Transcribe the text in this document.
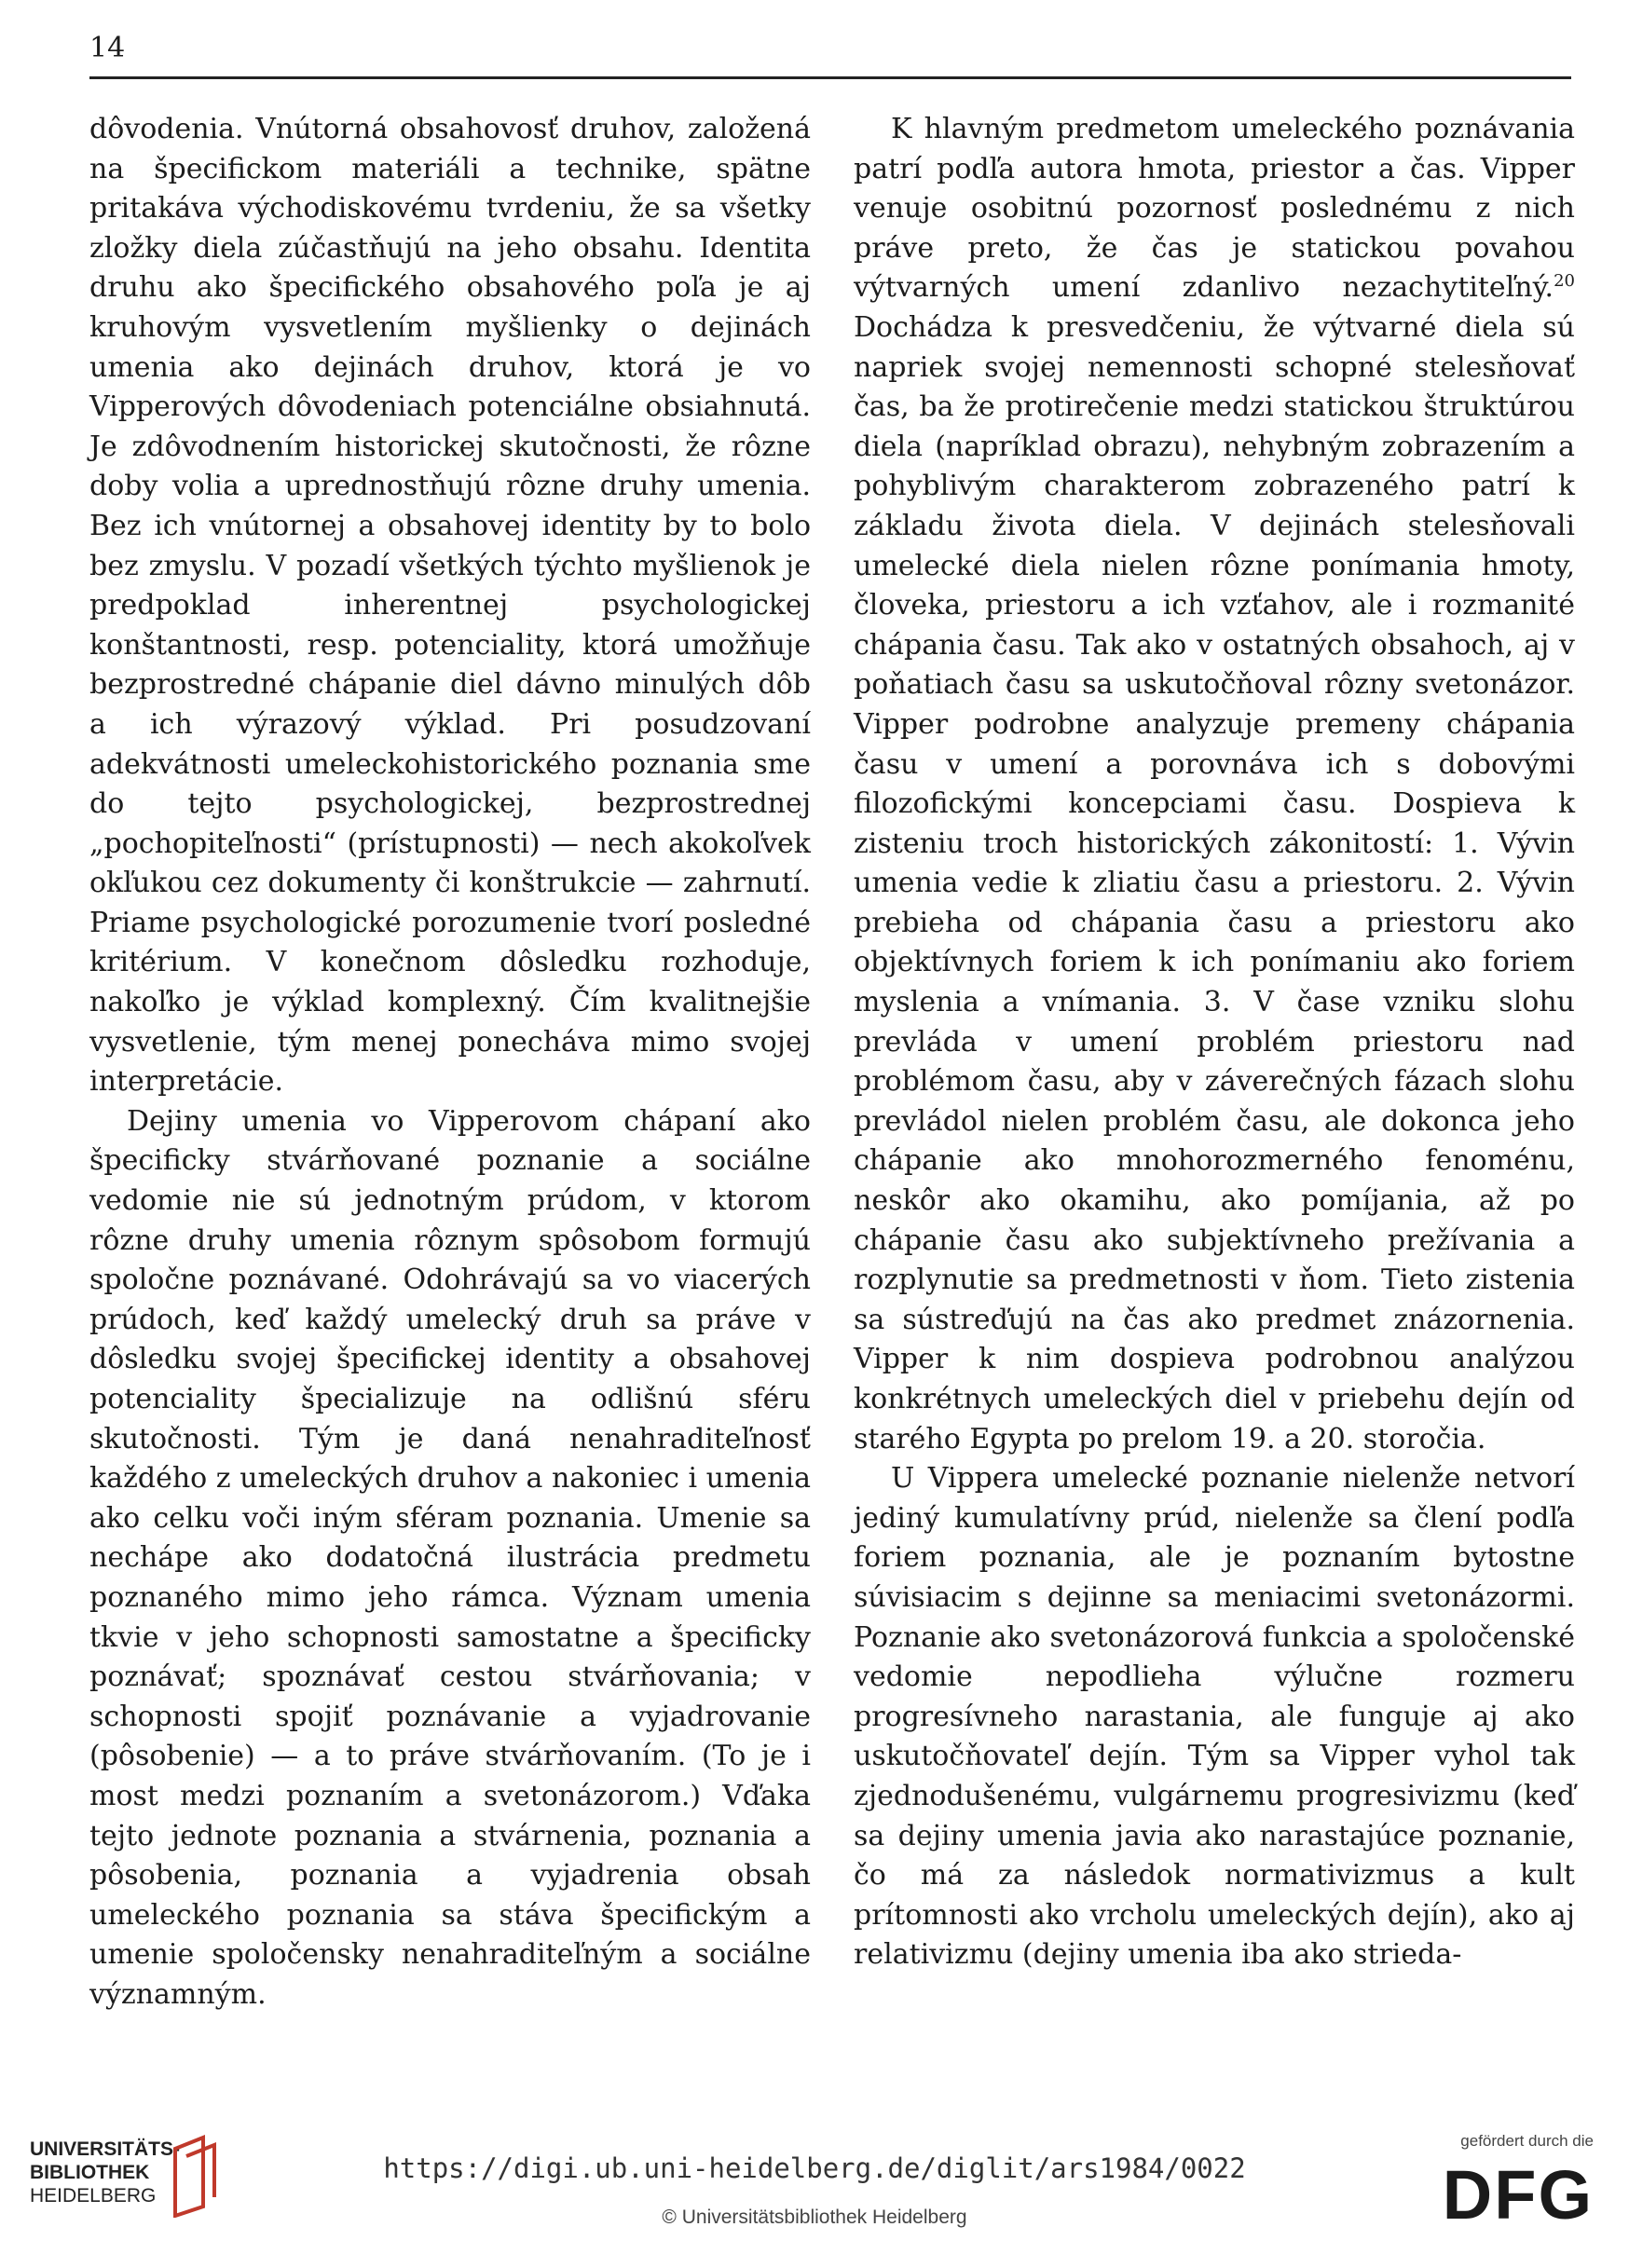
14

dôvodenia. Vnútorná obsahovosť druhov, založená na špecifickom materiáli a technike, spätne pritakáva východiskovému tvrdeniu, že sa všetky zložky diela zúčastňujú na jeho obsahu. Identita druhu ako špecifického obsahového poľa je aj kruhovým vysvetlením myšlienky o dejinách umenia ako dejinách druhov, ktorá je vo Vipperových dôvodeniach potenciálne obsiahnutá. Je zdôvodnením historickej skutočnosti, že rôzne doby volia a uprednostňujú rôzne druhy umenia. Bez ich vnútornej a obsahovej identity by to bolo bez zmyslu. V pozadí všetkých týchto myšlienok je predpoklad inherentnej psychologickej konštantnosti, resp. potenciality, ktorá umožňuje bezprostredné chápanie diel dávno minulých dôb a ich výrazový výklad. Pri posudzovaní adekvátnosti umeleckohistorického poznania sme do tejto psychologickej, bezprostrednej „pochopiteľnosti“ (prístupnosti) — nech akokoľvek okľukou cez dokumenty či konštrukcie — zahrnutí. Priame psychologické porozumenie tvorí posledné kritérium. V konečnom dôsledku rozhoduje, nakoľko je výklad komplexný. Čím kvalitnejšie vysvetlenie, tým menej ponecháva mimo svojej interpretácie.

Dejiny umenia vo Vipperovom chápaní ako špecificky stvárňované poznanie a sociálne vedomie nie sú jednotným prúdom, v ktorom rôzne druhy umenia rôznym spôsobom formujú spoločne poznávané. Odohrávajú sa vo viacerých prúdoch, keď každý umelecký druh sa práve v dôsledku svojej špecifickej identity a obsahovej potenciality špecializuje na odlišnú sféru skutočnosti. Tým je daná nenahraditeľnosť každého z umeleckých druhov a nakoniec i umenia ako celku voči iným sféram poznania. Umenie sa nechápe ako dodatočná ilustrácia predmetu poznaného mimo jeho rámca. Význam umenia tkvie v jeho schopnosti samostatne a špecificky poznávať; spoznávať cestou stvárňovania; v schopnosti spojiť poznávanie a vyjadrovanie (pôsobenie) — a to práve stvárňovaním. (To je i most medzi poznaním a svetonázorom.) Vďaka tejto jednote poznania a stvárnenia, poznania a pôsobenia, poznania a vyjadrenia obsah umeleckého poznania sa stáva špecifickým a umenie spoločensky nenahraditeľným a sociálne významným.

K hlavným predmetom umeleckého poznávania patrí podľa autora hmota, priestor a čas. Vipper venuje osobitnú pozornosť poslednému z nich práve preto, že čas je statickou povahou výtvarných umení zdanlivo nezachytiteľný.$^{20}$ Dochádza k presvedčeniu, že výtvarné diela sú napriek svojej nemennosti schopné stelesňovať čas, ba že protirečenie medzi statickou štruktúrou diela (napríklad obrazu), nehybným zobrazením a pohyblivým charakterom zobrazeného patrí k základu života diela. V dejinách stelesňovali umelecké diela nielen rôzne ponímania hmoty, človeka, priestoru a ich vzťahov, ale i rozmanité chápania času. Tak ako v ostatných obsahoch, aj v poňatiach času sa uskutočňoval rôzny svetonázor. Vipper podrobne analyzuje premeny chápania času v umení a porovnáva ich s dobovými filozofickými koncepciami času. Dospieva k zisteniu troch historických zákonitostí: 1. Vývin umenia vedie k zliatiu času a priestoru. 2. Vývin prebieha od chápania času a priestoru ako objektívnych foriem k ich ponímaniu ako foriem myslenia a vnímania. 3. V čase vzniku slohu prevláda v umení problém priestoru nad problémom času, aby v záverečných fázach slohu prevládol nielen problém času, ale dokonca jeho chápanie ako mnohorozmerného fenoménu, neskôr ako okamihu, ako pomíjania, až po chápanie času ako subjektívneho prežívania a rozplynutie sa predmetnosti v ňom. Tieto zistenia sa sústreďujú na čas ako predmet znázornenia. Vipper k nim dospieva podrobnou analýzou konkrétnych umeleckých diel v priebehu dejín od starého Egypta po prelom 19. a 20. storočia.

U Vippera umelecké poznanie nielenže netvorí jediný kumulatívny prúd, nielenže sa člení podľa foriem poznania, ale je poznaním bytostne súvisiacim s dejinne sa meniacimi svetonázormi. Poznanie ako svetonázorová funkcia a spoločenské vedomie nepodlieha výlučne rozmeru progresívneho narastania, ale funguje aj ako uskutočňovateľ dejín. Tým sa Vipper vyhol tak zjednodušenému, vulgárnemu progresivizmu (keď sa dejiny umenia javia ako narastajúce poznanie, čo má za následok normativizmus a kult prítomnosti ako vrcholu umeleckých dejín), ako aj relativizmu (dejiny umenia iba ako strieda-

UNIVERSITÄTS-
BIBLIOTHEK
HEIDELBERG
https://digi.ub.uni-heidelberg.de/diglit/ars1984/0022
© Universitätsbibliothek Heidelberg
gefördert durch die
DFG
